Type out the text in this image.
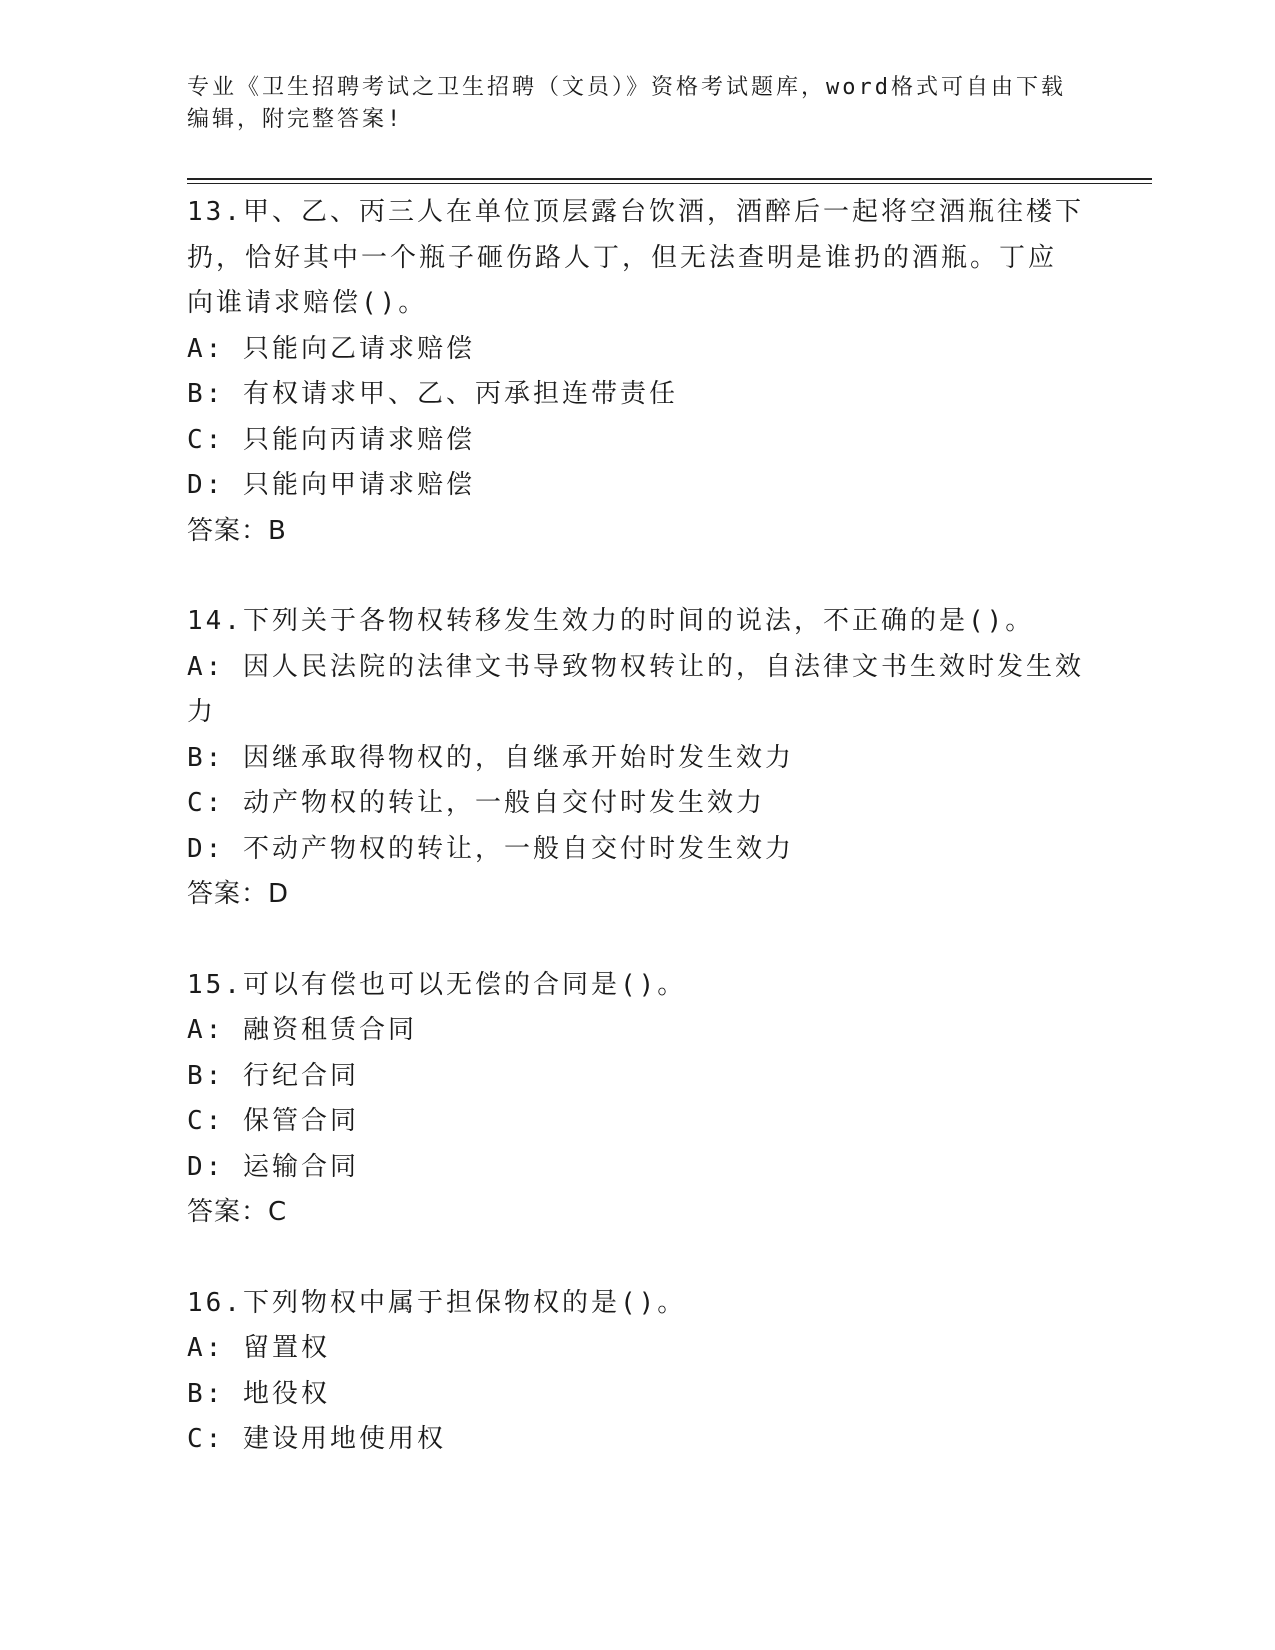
专业《卫生招聘考试之卫生招聘（文员）》资格考试题库，word格式可自由下载
编辑，附完整答案!
13.甲、乙、丙三人在单位顶层露台饮酒，酒醉后一起将空酒瓶往楼下
扔，恰好其中一个瓶子砸伤路人丁，但无法查明是谁扔的酒瓶。丁应
向谁请求赔偿()。
A: 只能向乙请求赔偿
B: 有权请求甲、乙、丙承担连带责任
C: 只能向丙请求赔偿
D: 只能向甲请求赔偿
答案：B
14.下列关于各物权转移发生效力的时间的说法，不正确的是()。
A: 因人民法院的法律文书导致物权转让的，自法律文书生效时发生效
力
B: 因继承取得物权的，自继承开始时发生效力
C: 动产物权的转让，一般自交付时发生效力
D: 不动产物权的转让，一般自交付时发生效力
答案：D
15.可以有偿也可以无偿的合同是()。
A: 融资租赁合同
B: 行纪合同
C: 保管合同
D: 运输合同
答案：C
16.下列物权中属于担保物权的是()。
A: 留置权
B: 地役权
C: 建设用地使用权
